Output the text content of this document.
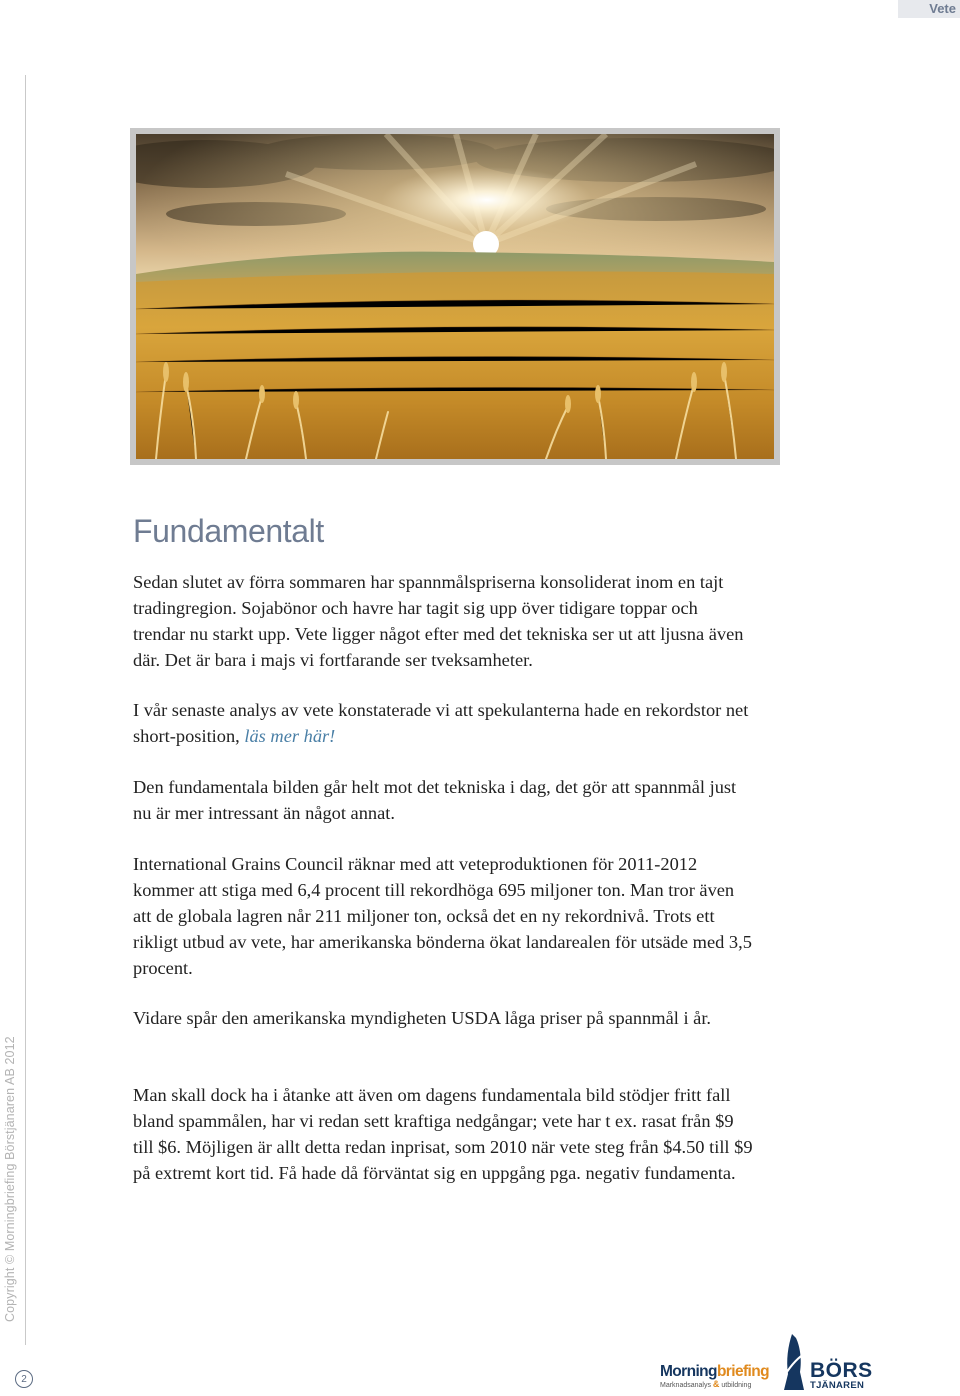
Vete
Copyright © Morningbriefing Börstjänaren AB 2012
2
Fundamentalt

Sedan slutet av förra sommaren har spannmålspriserna konsoliderat inom en tajt tradingregion. Sojabönor och havre har tagit sig upp över tidigare toppar och trendar nu starkt upp. Vete ligger något efter med det tekniska ser ut att ljusna även där. Det är bara i majs vi fortfarande ser tveksamheter.

I vår senaste analys av vete konstaterade vi att spekulanterna hade en rekordstor net short-position, läs mer här!

Den fundamentala bilden går helt mot det tekniska i dag, det gör att spannmål just nu är mer intressant än något annat.

International Grains Council räknar med att veteproduktionen för 2011-2012 kommer att stiga med 6,4 procent till rekordhöga 695 miljoner ton. Man tror även att de globala lagren når 211 miljoner ton, också det en ny rekordnivå. Trots ett rikligt utbud av vete, har amerikanska bönderna ökat landarealen för utsäde med 3,5 procent.

Vidare spår den amerikanska myndigheten USDA låga priser på spannmål i år.

Man skall dock ha i åtanke att även om dagens fundamentala bild stödjer fritt fall bland spammålen, har vi redan sett kraftiga nedgångar; vete har t ex. rasat från $9 till $6. Möjligen är allt detta redan inprisat, som 2010 när vete steg från $4.50 till $9 på extremt kort tid. Få hade då förväntat sig en uppgång pga. negativ fundamenta.

Morningbriefing
Marknadsanalys & utbildning
BÖRS
TJÄNAREN
